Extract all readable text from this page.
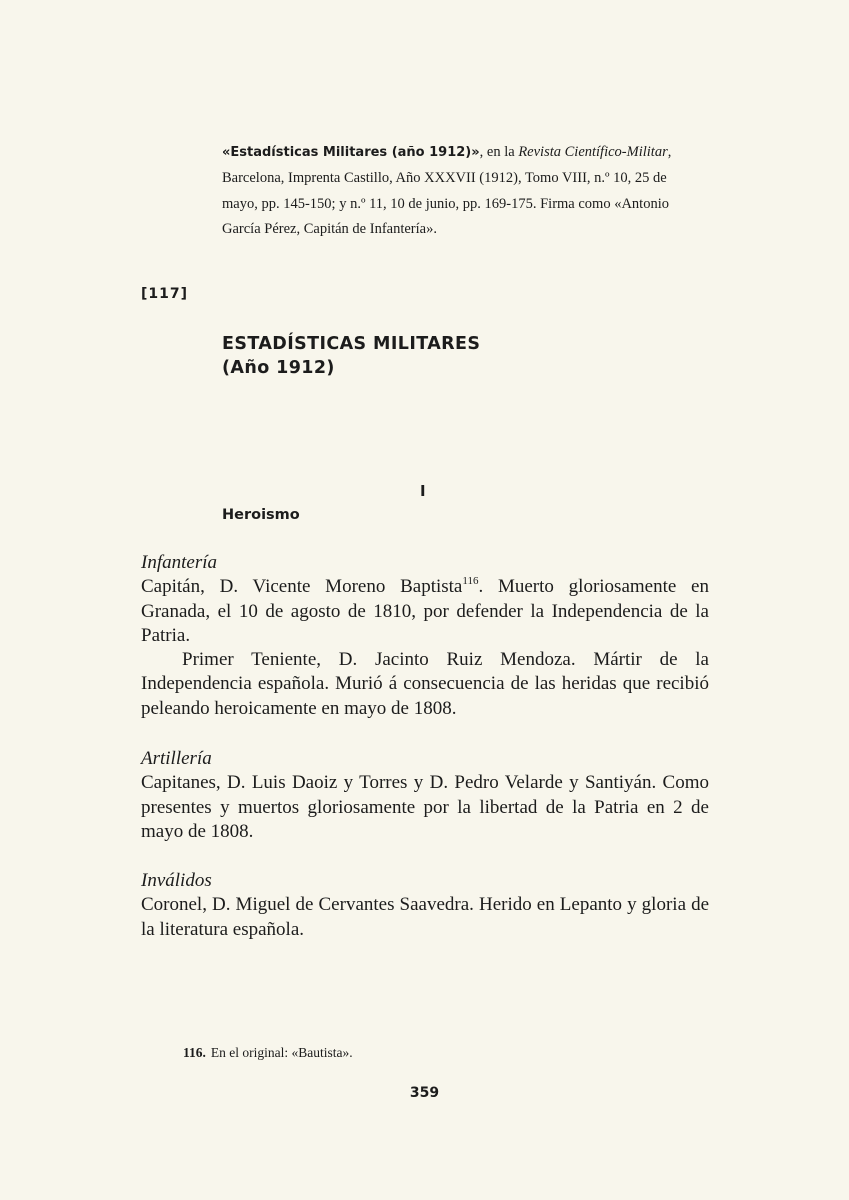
«Estadísticas Militares (año 1912)», en la Revista Científico-Militar, Barcelona, Imprenta Castillo, Año XXXVII (1912), Tomo VIII, n.º 10, 25 de mayo, pp. 145-150; y n.º 11, 10 de junio, pp. 169-175. Firma como «Antonio García Pérez, Capitán de Infantería».
[117]
ESTADÍSTICAS MILITARES
(Año 1912)
I
Heroismo
Infantería

Capitán, D. Vicente Moreno Baptista$^{116}$. Muerto gloriosamente en Granada, el 10 de agosto de 1810, por defender la Independencia de la Patria.

Primer Teniente, D. Jacinto Ruiz Mendoza. Mártir de la Independencia española. Murió á consecuencia de las heridas que recibió peleando heroicamente en mayo de 1808.

Artillería

Capitanes, D. Luis Daoiz y Torres y D. Pedro Velarde y Santiyán. Como presentes y muertos gloriosamente por la libertad de la Patria en 2 de mayo de 1808.

Inválidos

Coronel, D. Miguel de Cervantes Saavedra. Herido en Lepanto y gloria de la literatura española.

116. En el original: «Bautista».
359
